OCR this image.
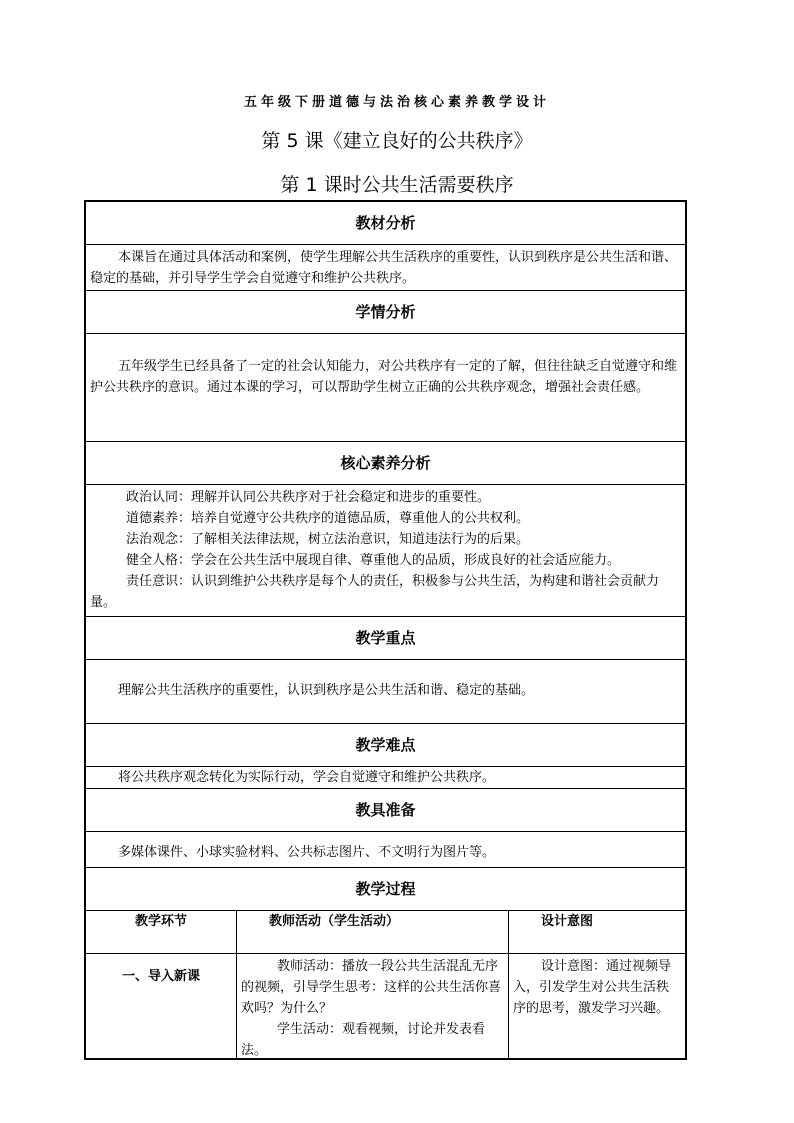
五年级下册道德与法治核心素养教学设计
第 5 课《建立良好的公共秩序》
第 1 课时公共生活需要秩序
教材分析

本课旨在通过具体活动和案例，使学生理解公共生活秩序的重要性，认识到秩序是公共生活和谐、稳定的基础，并引导学生学会自觉遵守和维护公共秩序。

学情分析

五年级学生已经具备了一定的社会认知能力，对公共秩序有一定的了解，但往往缺乏自觉遵守和维护公共秩序的意识。通过本课的学习，可以帮助学生树立正确的公共秩序观念，增强社会责任感。

核心素养分析

政治认同：理解并认同公共秩序对于社会稳定和进步的重要性。

道德素养：培养自觉遵守公共秩序的道德品质，尊重他人的公共权利。

法治观念：了解相关法律法规，树立法治意识，知道违法行为的后果。

健全人格：学会在公共生活中展现自律、尊重他人的品质，形成良好的社会适应能力。

责任意识：认识到维护公共秩序是每个人的责任，积极参与公共生活，为构建和谐社会贡献力量。

教学重点

理解公共生活秩序的重要性，认识到秩序是公共生活和谐、稳定的基础。

教学难点

将公共秩序观念转化为实际行动，学会自觉遵守和维护公共秩序。

教具准备

多媒体课件、小球实验材料、公共标志图片、不文明行为图片等。

教学过程
教学环节	教师活动（学生活动）	设计意图
一、导入新课

教师活动：播放一段公共生活混乱无序的视频，引导学生思考：这样的公共生活你喜欢吗？为什么？

学生活动：观看视频，讨论并发表看法。

设计意图：通过视频导入，引发学生对公共生活秩序的思考，激发学习兴趣。
